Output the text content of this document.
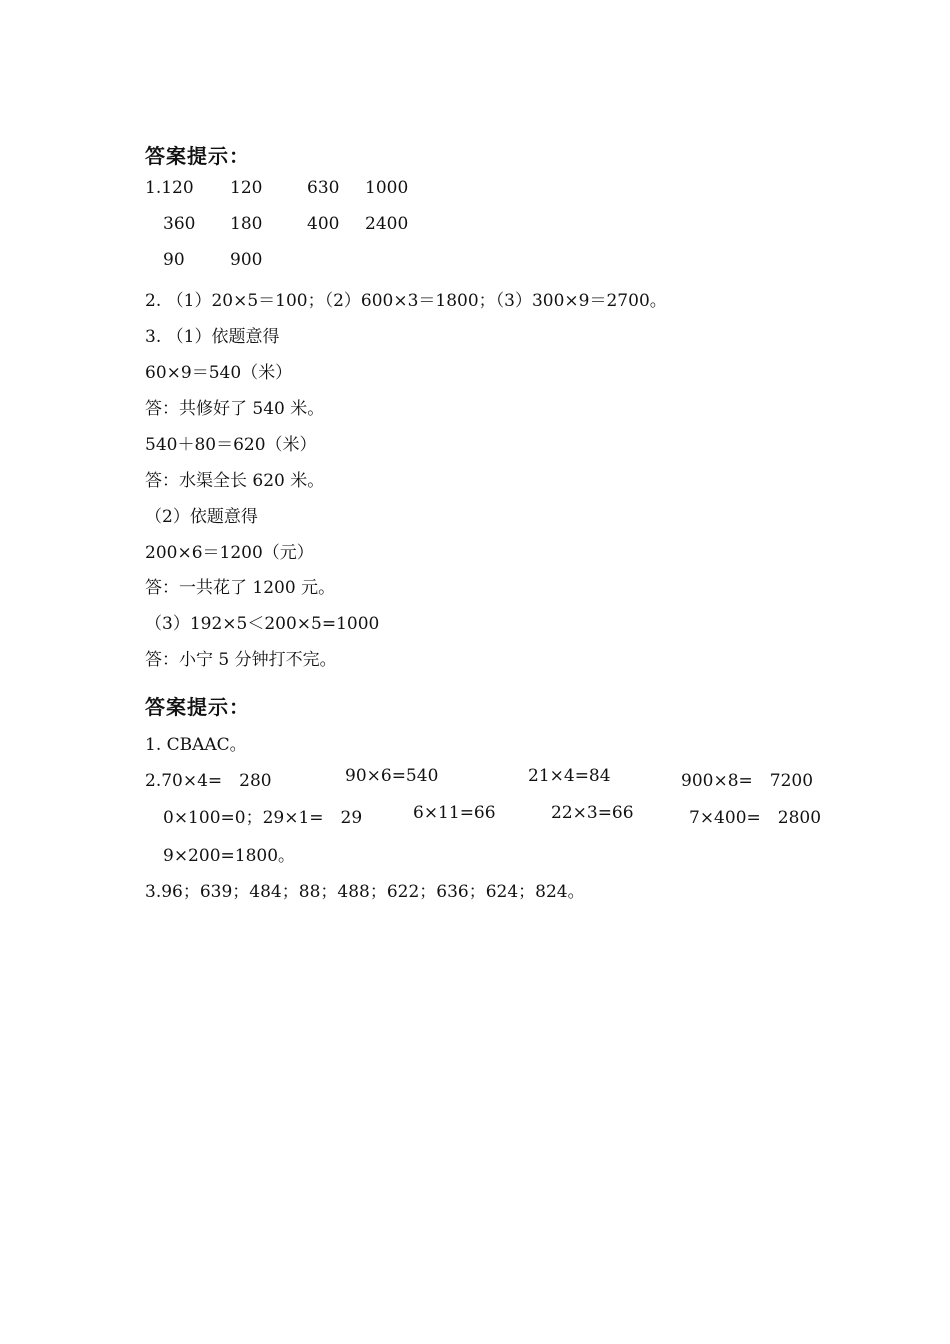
答案提示：
1.120 120	630 1000
360 180	400 2400
90	900
2. （1）20×5＝100；（2）600×3＝1800；（3）300×9＝2700。
3. （1）依题意得
60×9＝540（米）
答：共修好了 540 米。
540＋80＝620（米）
答：水渠全长 620 米。
（2）依题意得
200×6＝1200（元）
答：一共花了 1200 元。
（3）192×5＜200×5=1000
答：小宁 5 分钟打不完。
答案提示：
1. CBAAC。
2.70×4=　280	90×6=540	21×4=84	900×8=　7200
0×100=0；29×1=　29	6×11=66	22×3=66	7×400=　2800
9×200=1800。
3.96；639；484；88；488；622；636；624；824。
